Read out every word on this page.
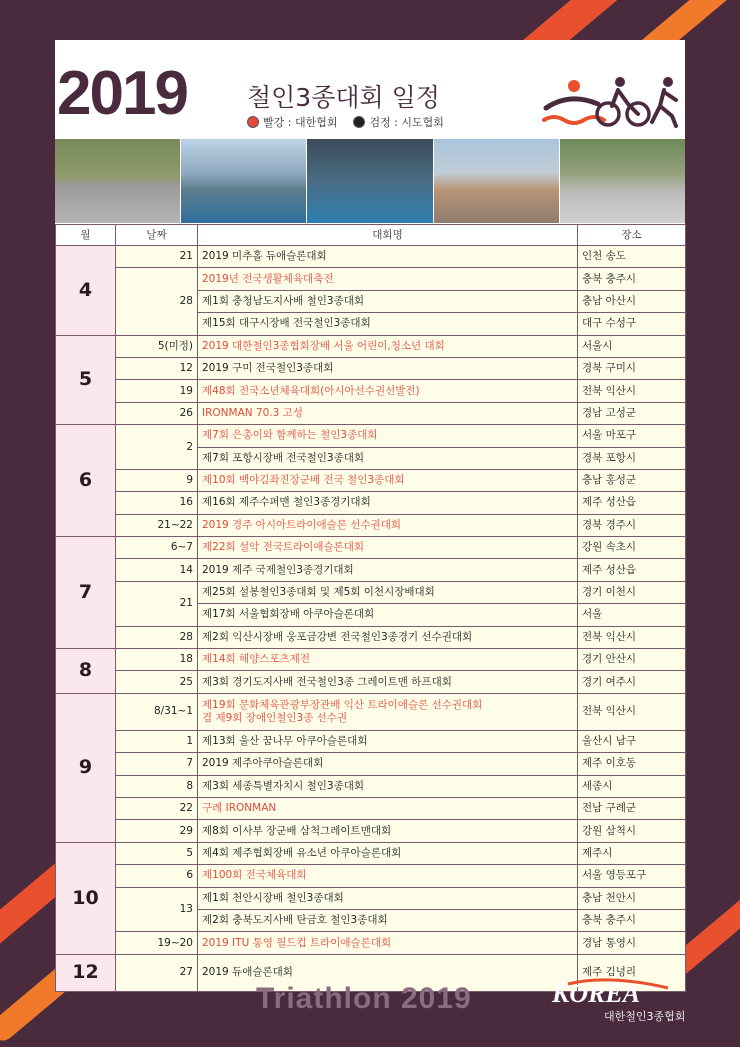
2019 철인3종대회 일정
빨강 : 대한협회	검정 : 시도협회
월	날짜	대회명	장소
4	21	2019 미추홀 듀애슬론대회	인천 송도
	28	2019년 전국생활체육대축전	충북 충주시
		제1회 충청남도지사배 철인3종대회	충남 아산시
		제15회 대구시장배 전국철인3종대회	대구 수성구
5	5(미정)	2019 대한철인3종협회장배 서울 어린이,청소년 대회	서울시
	12	2019 구미 전국철인3종대회	경북 구미시
	19	제48회 전국소년체육대회(아시아선수권선발전)	전북 익산시
	26	IRONMAN 70.3 고성	경남 고성군
6	2	제7회 은총이와 함께하는 철인3종대회	서울 마포구
		제7회 포항시장배 전국철인3종대회	경북 포항시
	9	제10회 백야김좌진장군배 전국 철인3종대회	충남 홍성군
	16	제16회 제주수퍼맨 철인3종경기대회	제주 성산읍
	21~22	2019 경주 아시아트라이애슬론 선수권대회	경북 경주시
7	6~7	제22회 설악 전국트라이애슬론대회	강원 속초시
	14	2019 제주 국제철인3종경기대회	제주 성산읍
	21	제25회 설봉철인3종대회 및 제5회 이천시장배대회	경기 이천시
		제17회 서울협회장배 아쿠아슬론대회	서울
	28	제2회 익산시장배 웅포금강변 전국철인3종경기 선수권대회	전북 익산시
8	18	제14회 해양스포츠제전	경기 안산시
	25	제3회 경기도지사배 전국철인3종 그레이트맨 하프대회	경기 여주시
9	8/31~1	제19회 문화체육관광부장관배 익산 트라이애슬론 선수권대회
겸 제9회 장애인철인3종 선수권	전북 익산시
	1	제13회 울산 꿈나무 아쿠아슬론대회	울산시 남구
	7	2019 제주아쿠아슬론대회	제주 이호동
	8	제3회 세종특별자치시 철인3종대회	세종시
	22	구례 IRONMAN	전남 구례군
	29	제8회 이사부 장군배 삼척그레이트맨대회	강원 삼척시
10	5	제4회 제주협회장배 유소년 아쿠아슬론대회	제주시
	6	제100회 전국체육대회	서울 영등포구
	13	제1회 천안시장배 철인3종대회	충남 천안시
		제2회 충북도지사배 탄금호 철인3종대회	충북 충주시
	19~20	2019 ITU 통영 월드컵 트라이애슬론대회	경남 통영시
12	27	2019 듀애슬론대회	제주 김녕리
Triathlon 2019	KOREA
대한철인3종협회
